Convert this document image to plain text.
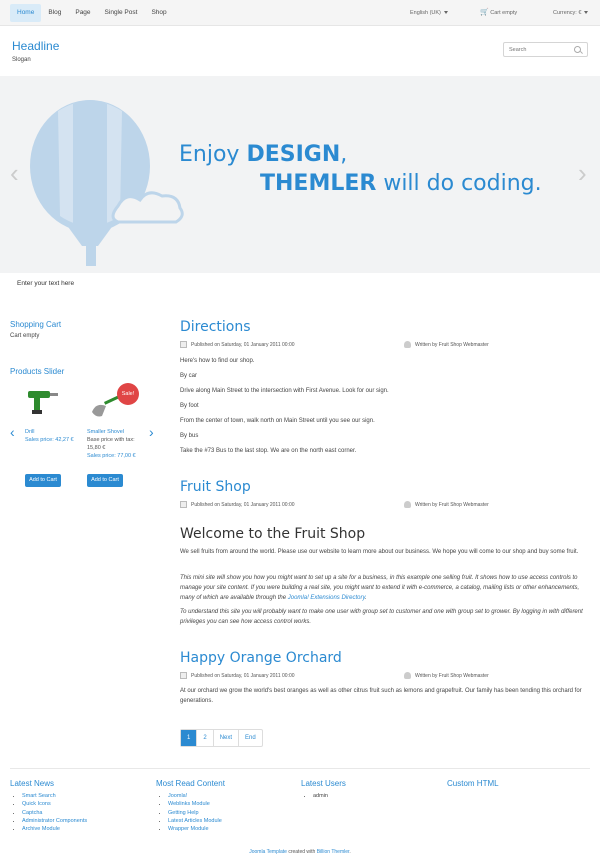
Home	Blog	Page	Single Post	Shop	English (UK)	🛒 Cart empty	Currency: €
Headline
Slogan
Search
‹	›
Enjoy DESIGN,
THEMLER will do coding.
Enter your text here
Shopping Cart
Cart empty
Products Slider
Sale!
‹	›
Drill
Sales price: 42,27 €
Smaller Shovel
Base price with tax:
15,80 €
Sales price: 77,00 €
Add to Cart	Add to Cart
Directions
Published on Saturday, 01 January 2011 00:00	Written by Fruit Shop Webmaster
Here's how to find our shop.
By car
Drive along Main Street to the intersection with First Avenue. Look for our sign.
By foot
From the center of town, walk north on Main Street until you see our sign.
By bus
Take the #73 Bus to the last stop. We are on the north east corner.
Fruit Shop
Published on Saturday, 01 January 2011 00:00	Written by Fruit Shop Webmaster
Welcome to the Fruit Shop
We sell fruits from around the world. Please use our website to learn more about our business. We hope you will come to our shop and buy some fruit.
This mini site will show you how you might want to set up a site for a business, in this example one selling fruit. It shows how to use access controls to manage your site content. If you were building a real site, you might want to extend it with e-commerce, a catalog, mailing lists or other enhancements, many of which are available through the Joomla! Extensions Directory.
To understand this site you will probably want to make one user with group set to customer and one with group set to grower. By logging in with different privileges you can see how access control works.
Happy Orange Orchard
Published on Saturday, 01 January 2011 00:00	Written by Fruit Shop Webmaster
At our orchard we grow the world's best oranges as well as other citrus fruit such as lemons and grapefruit. Our family has been tending this orchard for generations.
1	2	Next	End
Latest News
• Smart Search
• Quick Icons
• Captcha
• Administrator Components
• Archive Module
Most Read Content
• Joomla!
• Weblinks Module
• Getting Help
• Latest Articles Module
• Wrapper Module
Latest Users
• admin
Custom HTML
Joomla Template created with Billion Themler.
